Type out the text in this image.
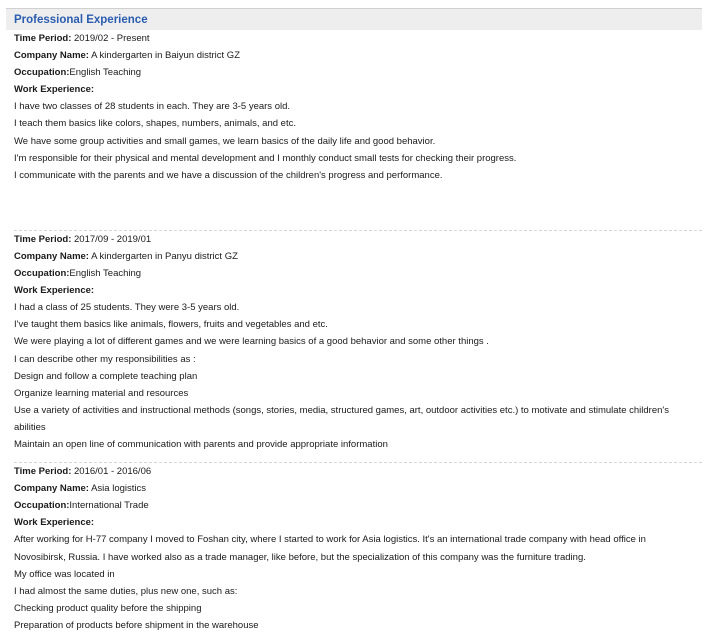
Professional Experience
Time Period: 2019/02 - Present
Company Name: A kindergarten in Baiyun district GZ
Occupation:English Teaching
Work Experience:
I have two classes of 28 students in each. They are 3-5 years old.
I teach them basics like colors, shapes, numbers, animals, and etc.
We have some group activities and small games, we learn basics of the daily life and good behavior.
I'm responsible for their physical and mental development and I monthly conduct small tests for checking their progress.
I communicate with the parents and we have a discussion of the children's progress and performance.
Time Period: 2017/09 - 2019/01
Company Name: A kindergarten in Panyu district GZ
Occupation:English Teaching
Work Experience:
I had a class of 25 students. They were 3-5 years old.
I've taught them basics like animals, flowers, fruits and vegetables and etc.
We were playing a lot of different games and we were learning basics of a good behavior and some other things .
I can describe other my responsibilities as :
Design and follow a complete teaching plan
Organize learning material and resources
Use a variety of activities and instructional methods (songs, stories, media, structured games, art, outdoor activities etc.) to motivate and stimulate children's abilities
Maintain an open line of communication with parents and provide appropriate information
Time Period: 2016/01 - 2016/06
Company Name: Asia logistics
Occupation:International Trade
Work Experience:
After working for H-77 company I moved to Foshan city, where I started to work for Asia logistics. It's an international trade company with head office in Novosibirsk, Russia. I have worked also as a trade manager, like before, but the specialization of this company was the furniture trading.
My office was located in
I had almost the same duties, plus new one, such as:
Checking product quality before the shipping
Preparation of products before shipment in the warehouse
